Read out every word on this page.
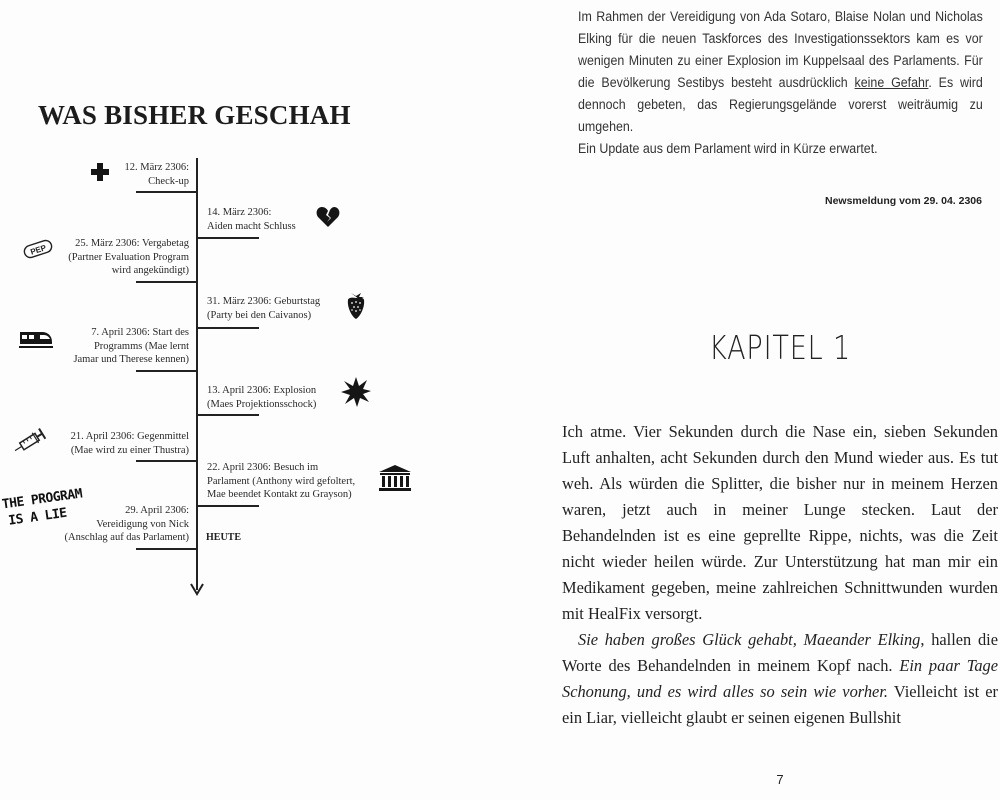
WAS BISHER GESCHAH
12. März 2306:
Check-up
14. März 2306:
Aiden macht Schluss
25. März 2306: Vergabetag
(Partner Evaluation Program
wird angekündigt)
31. März 2306: Geburtstag
(Party bei den Caivanos)
7. April 2306: Start des
Programms (Mae lernt
Jamar und Therese kennen)
13. April 2306: Explosion
(Maes Projektionsschock)
21. April 2306: Gegenmittel
(Mae wird zu einer Thustra)
22. April 2306: Besuch im
Parlament (Anthony wird gefoltert,
Mae beendet Kontakt zu Grayson)
29. April 2306:
Vereidigung von Nick
(Anschlag auf das Parlament) HEUTE
PEP
THE PROGRAM
IS A LIE

Im Rahmen der Vereidigung von Ada Sotaro, Blaise Nolan und Nicholas Elking für die neuen Taskforces des Investigationssektors kam es vor wenigen Minuten zu einer Explosion im Kuppelsaal des Parlaments. Für die Bevölkerung Sestibys besteht ausdrücklich keine Gefahr. Es wird dennoch gebeten, das Regierungsgelände vorerst weiträumig zu umgehen.

Ein Update aus dem Parlament wird in Kürze erwartet.

Newsmeldung vom 29. 04. 2306
KAPITEL 1

Ich atme. Vier Sekunden durch die Nase ein, sieben Sekunden Luft anhalten, acht Sekunden durch den Mund wieder aus. Es tut weh. Als würden die Splitter, die bisher nur in meinem Herzen waren, jetzt auch in meiner Lunge stecken. Laut der Behandelnden ist es eine geprellte Rippe, nichts, was die Zeit nicht wieder heilen würde. Zur Unterstützung hat man mir ein Medikament gegeben, meine zahlreichen Schnittwunden wurden mit HealFix versorgt.

Sie haben großes Glück gehabt, Maeander Elking, hallen die Worte des Behandelnden in meinem Kopf nach. Ein paar Tage Schonung, und es wird alles so sein wie vorher. Vielleicht ist er ein Liar, vielleicht glaubt er seinen eigenen Bullshit

7
